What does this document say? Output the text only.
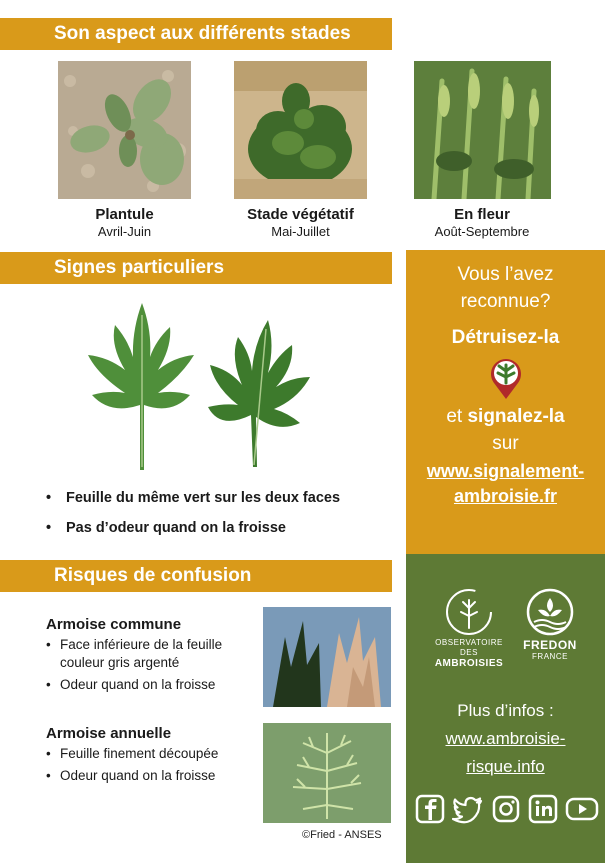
Son aspect aux différents stades
Plantule
Avril-Juin
Stade végétatif
Mai-Juillet
En fleur
Août-Septembre
Signes particuliers
• Feuille du même vert sur les deux faces
• Pas d’odeur quand on la froisse
Risques de confusion
Armoise commune
• Face inférieure de la feuille couleur gris argenté
• Odeur quand on la froisse
Armoise annuelle
• Feuille finement découpée
• Odeur quand on la froisse
©Fried - ANSES
Vous l’avez
reconnue?
Détruisez-la
et signalez-la
sur
www.signalement-
ambroisie.fr
OBSERVATOIRE
DES
AMBROISIES
FREDON
FRANCE
Plus d’infos :
www.ambroisie-
risque.info
